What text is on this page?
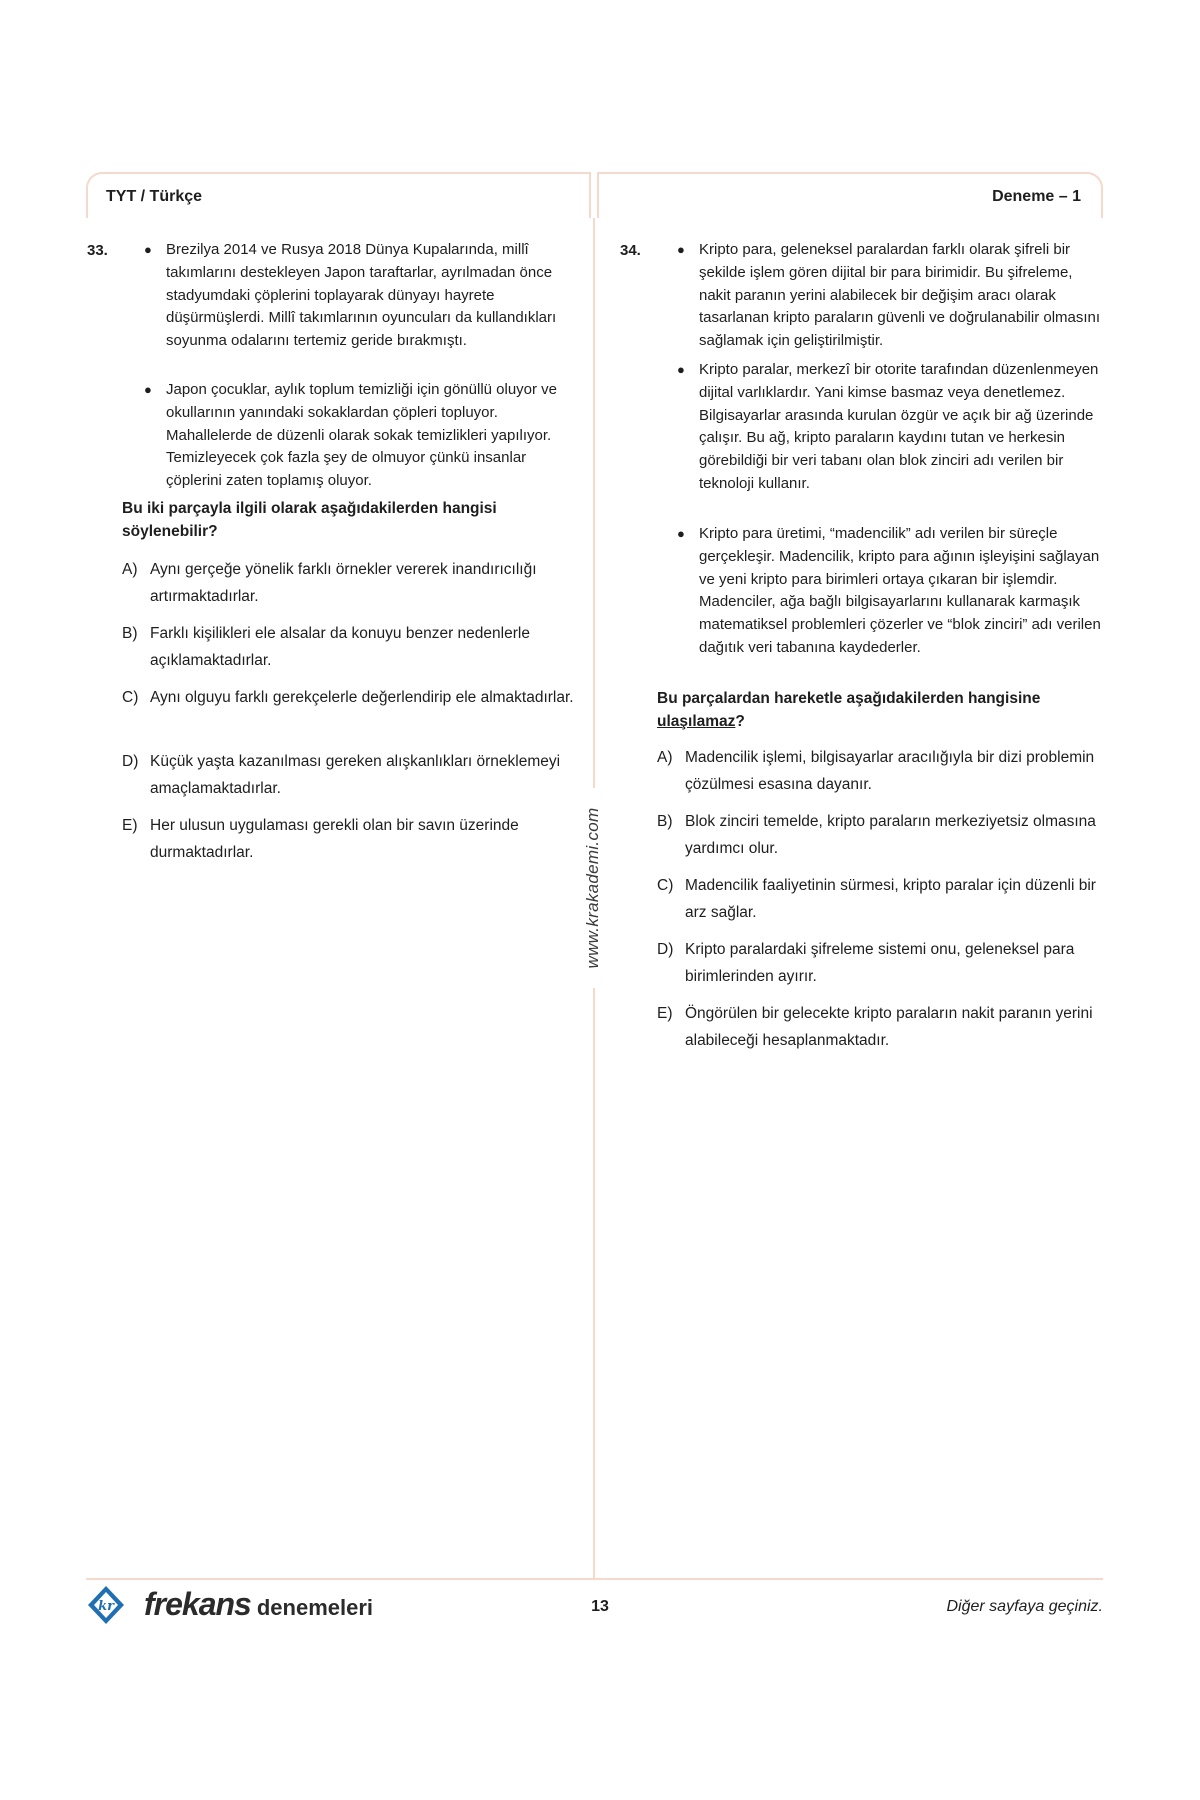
TYT / Türkçe	Deneme – 1
www.krakademi.com
33.	● Brezilya 2014 ve Rusya 2018 Dünya Kupalarında, millî takımlarını destekleyen Japon taraftarlar, ayrılmadan önce stadyumdaki çöplerini toplayarak dünyayı hayrete düşürmüşlerdi. Millî takımlarının oyuncuları da kullandıkları soyunma odalarını tertemiz geride bırakmıştı.
● Japon çocuklar, aylık toplum temizliği için gönüllü oluyor ve okullarının yanındaki sokaklardan çöpleri topluyor. Mahallelerde de düzenli olarak sokak temizlikleri yapılıyor. Temizleyecek çok fazla şey de olmuyor çünkü insanlar çöplerini zaten toplamış oluyor.
Bu iki parçayla ilgili olarak aşağıdakilerden hangisi söylenebilir?
A) Aynı gerçeğe yönelik farklı örnekler vererek inandırıcılığı artırmaktadırlar.
B) Farklı kişilikleri ele alsalar da konuyu benzer nedenlerle açıklamaktadırlar.
C) Aynı olguyu farklı gerekçelerle değerlendirip ele almaktadırlar.
D) Küçük yaşta kazanılması gereken alışkanlıkları örneklemeyi amaçlamaktadırlar.
E) Her ulusun uygulaması gerekli olan bir savın üzerinde durmaktadırlar.
34.	● Kripto para, geleneksel paralardan farklı olarak şifreli bir şekilde işlem gören dijital bir para birimidir. Bu şifreleme, nakit paranın yerini alabilecek bir değişim aracı olarak tasarlanan kripto paraların güvenli ve doğrulanabilir olmasını sağlamak için geliştirilmiştir.
● Kripto paralar, merkezî bir otorite tarafından düzenlenmeyen dijital varlıklardır. Yani kimse basmaz veya denetlemez. Bilgisayarlar arasında kurulan özgür ve açık bir ağ üzerinde çalışır. Bu ağ, kripto paraların kaydını tutan ve herkesin görebildiği bir veri tabanı olan blok zinciri adı verilen bir teknoloji kullanır.
● Kripto para üretimi, “madencilik” adı verilen bir süreçle gerçekleşir. Madencilik, kripto para ağının işleyişini sağlayan ve yeni kripto para birimleri ortaya çıkaran bir işlemdir. Madenciler, ağa bağlı bilgisayarlarını kullanarak karmaşık matematiksel problemleri çözerler ve “blok zinciri” adı verilen dağıtık veri tabanına kaydederler.
Bu parçalardan hareketle aşağıdakilerden hangisine ulaşılamaz?
A) Madencilik işlemi, bilgisayarlar aracılığıyla bir dizi problemin çözülmesi esasına dayanır.
B) Blok zinciri temelde, kripto paraların merkeziyetsiz olmasına yardımcı olur.
C) Madencilik faaliyetinin sürmesi, kripto paralar için düzenli bir arz sağlar.
D) Kripto paralardaki şifreleme sistemi onu, geleneksel para birimlerinden ayırır.
E) Öngörülen bir gelecekte kripto paraların nakit paranın yerini alabileceği hesaplanmaktadır.
kr frekans denemeleri	13	Diğer sayfaya geçiniz.
